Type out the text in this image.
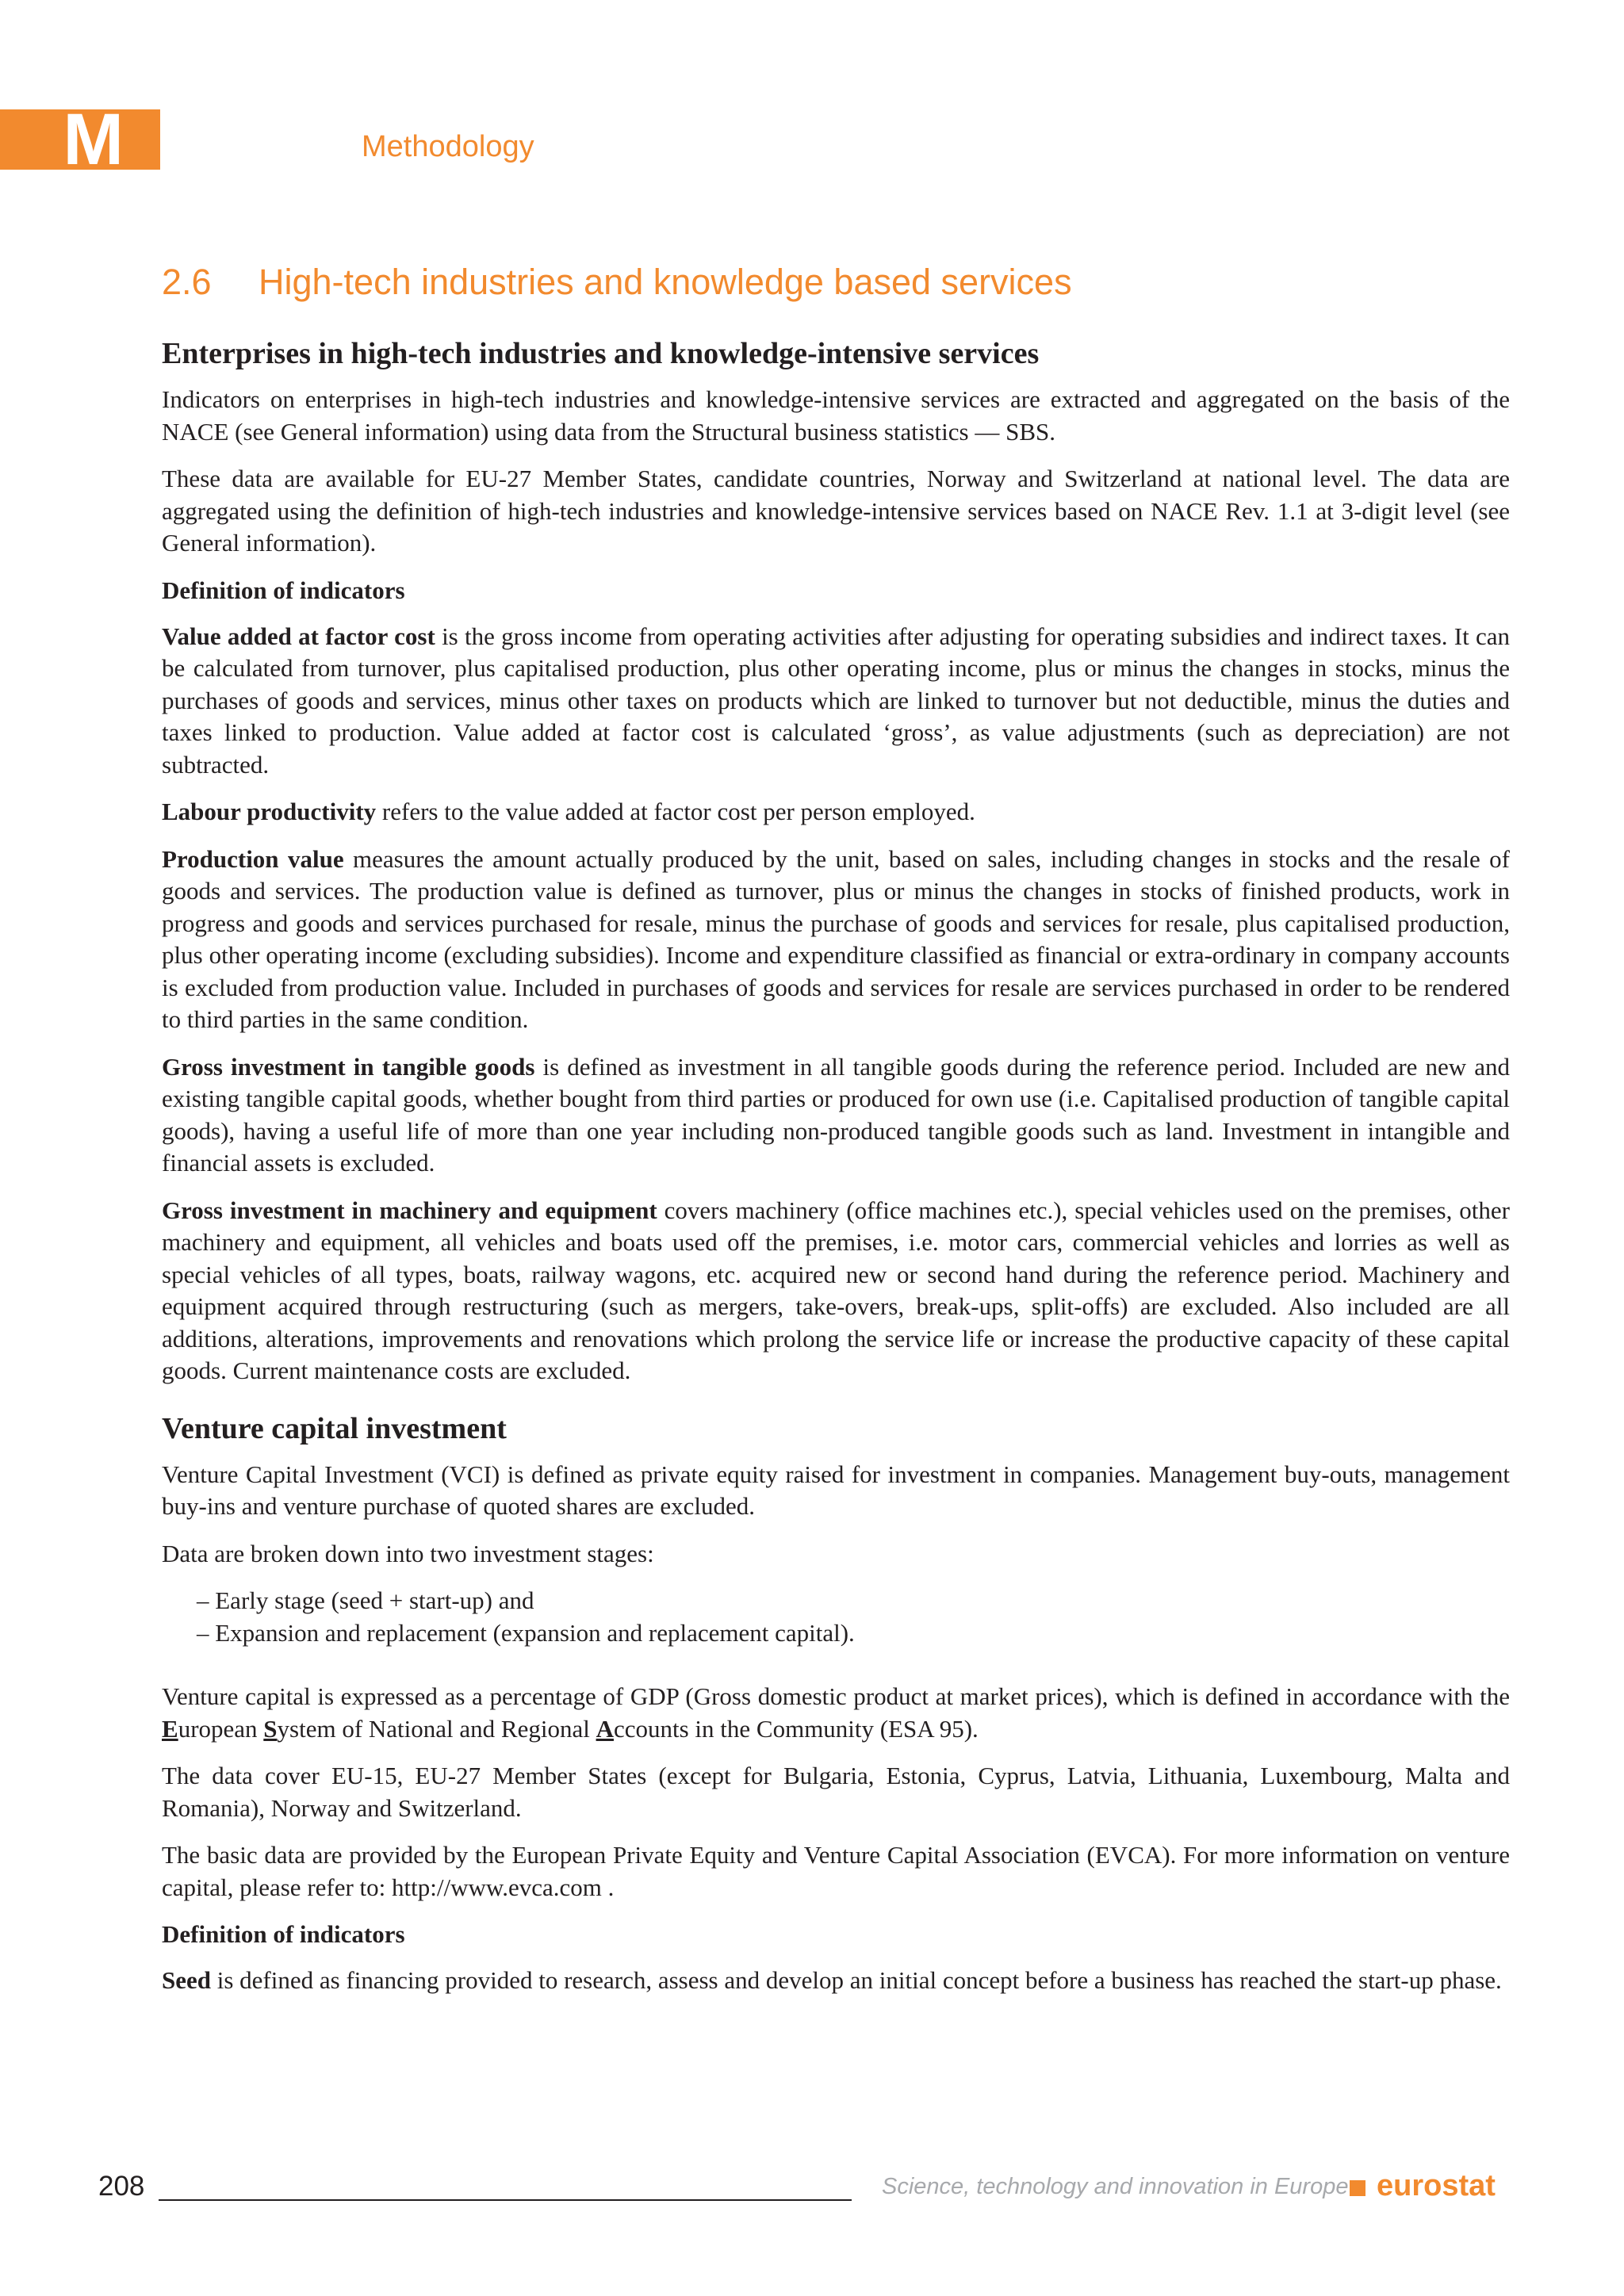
M	Methodology
2.6 High-tech industries and knowledge based services
Enterprises in high-tech industries and knowledge-intensive services

Indicators on enterprises in high-tech industries and knowledge-intensive services are extracted and aggregated on the basis of the NACE (see General information) using data from the Structural business statistics — SBS.

These data are available for EU-27 Member States, candidate countries, Norway and Switzerland at national level. The data are aggregated using the definition of high-tech industries and knowledge-intensive services based on NACE Rev. 1.1 at 3-digit level (see General information).

Definition of indicators

Value added at factor cost is the gross income from operating activities after adjusting for operating subsidies and indirect taxes. It can be calculated from turnover, plus capitalised production, plus other operating income, plus or minus the changes in stocks, minus the purchases of goods and services, minus other taxes on products which are linked to turnover but not deductible, minus the duties and taxes linked to production. Value added at factor cost is calculated ‘gross’, as value adjustments (such as depreciation) are not subtracted.

Labour productivity refers to the value added at factor cost per person employed.

Production value measures the amount actually produced by the unit, based on sales, including changes in stocks and the resale of goods and services. The production value is defined as turnover, plus or minus the changes in stocks of finished products, work in progress and goods and services purchased for resale, minus the purchase of goods and services for resale, plus capitalised production, plus other operating income (excluding subsidies). Income and expenditure classified as financial or extra-ordinary in company accounts is excluded from production value. Included in purchases of goods and services for resale are services purchased in order to be rendered to third parties in the same condition.

Gross investment in tangible goods is defined as investment in all tangible goods during the reference period. Included are new and existing tangible capital goods, whether bought from third parties or produced for own use (i.e. Capitalised production of tangible capital goods), having a useful life of more than one year including non-produced tangible goods such as land. Investment in intangible and financial assets is excluded.

Gross investment in machinery and equipment covers machinery (office machines etc.), special vehicles used on the premises, other machinery and equipment, all vehicles and boats used off the premises, i.e. motor cars, commercial vehicles and lorries as well as special vehicles of all types, boats, railway wagons, etc. acquired new or second hand during the reference period. Machinery and equipment acquired through restructuring (such as mergers, take-overs, break-ups, split-offs) are excluded. Also included are all additions, alterations, improvements and renovations which prolong the service life or increase the productive capacity of these capital goods. Current maintenance costs are excluded.

Venture capital investment

Venture Capital Investment (VCI) is defined as private equity raised for investment in companies. Management buy-outs, management buy-ins and venture purchase of quoted shares are excluded.

Data are broken down into two investment stages:

– Early stage (seed + start-up) and
– Expansion and replacement (expansion and replacement capital).

Venture capital is expressed as a percentage of GDP (Gross domestic product at market prices), which is defined in accordance with the European System of National and Regional Accounts in the Community (ESA 95).

The data cover EU-15, EU-27 Member States (except for Bulgaria, Estonia, Cyprus, Latvia, Lithuania, Luxembourg, Malta and Romania), Norway and Switzerland.

The basic data are provided by the European Private Equity and Venture Capital Association (EVCA). For more information on venture capital, please refer to: http://www.evca.com .

Definition of indicators

Seed is defined as financing provided to research, assess and develop an initial concept before a business has reached the start-up phase.

208	Science, technology and innovation in Europe eurostat
